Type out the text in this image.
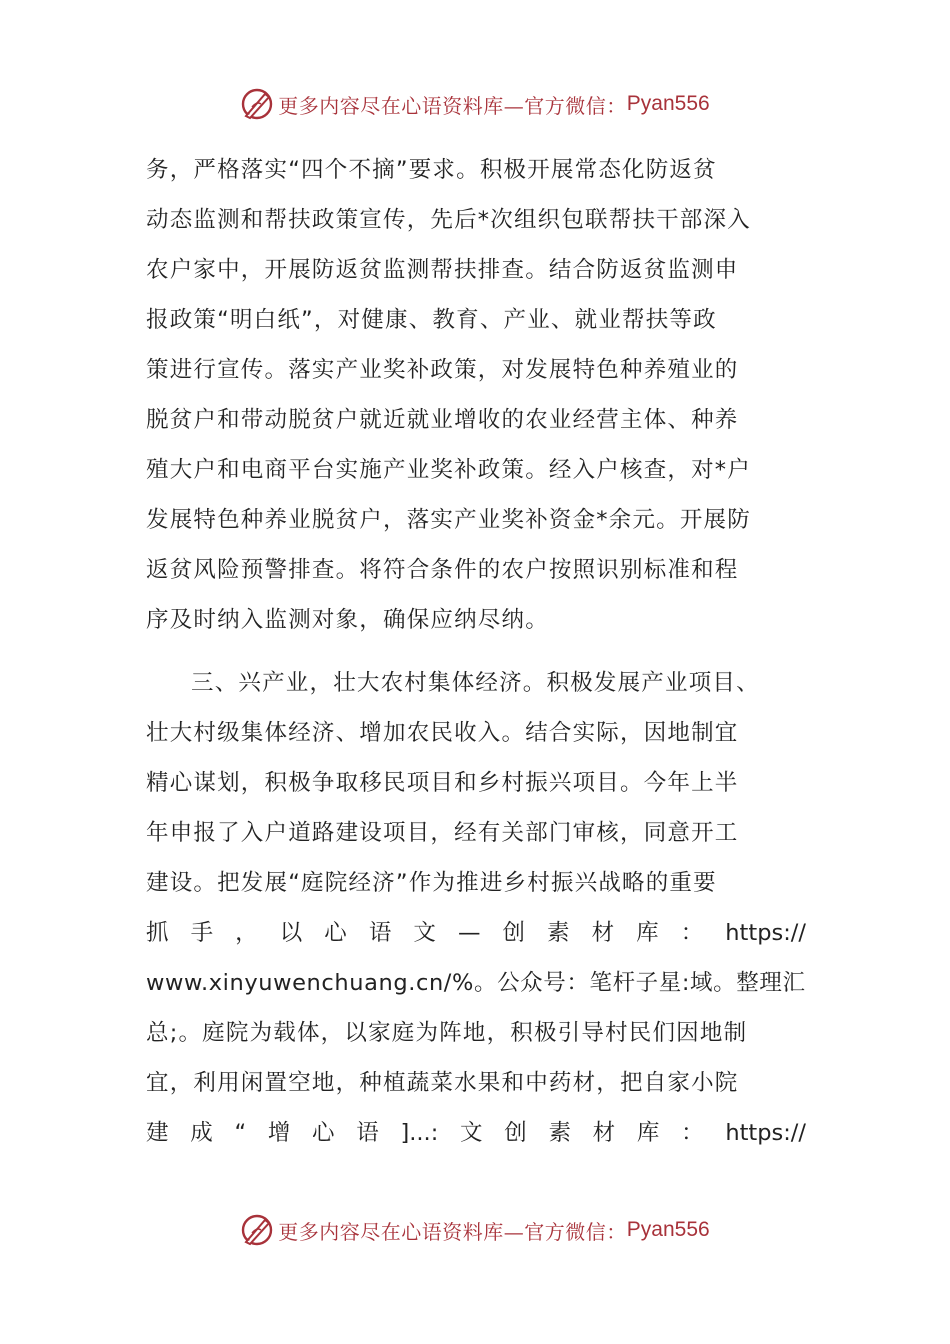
更多内容尽在心语资料库—官方微信： Pyan556
务，严格落实“四个不摘”要求。积极开展常态化防返贫
动态监测和帮扶政策宣传，先后*次组织包联帮扶干部深入
农户家中，开展防返贫监测帮扶排查。结合防返贫监测申
报政策“明白纸”，对健康、教育、产业、就业帮扶等政
策进行宣传。落实产业奖补政策，对发展特色种养殖业的
脱贫户和带动脱贫户就近就业增收的农业经营主体、种养
殖大户和电商平台实施产业奖补政策。经入户核查，对*户
发展特色种养业脱贫户，落实产业奖补资金*余元。开展防
返贫风险预警排查。将符合条件的农户按照识别标准和程
序及时纳入监测对象，确保应纳尽纳。
三、兴产业，壮大农村集体经济。积极发展产业项目、
壮大村级集体经济、增加农民收入。结合实际，因地制宜
精心谋划，积极争取移民项目和乡村振兴项目。今年上半
年申报了入户道路建设项目，经有关部门审核，同意开工
建设。把发展“庭院经济”作为推进乡村振兴战略的重要
抓 手 ， 以 心 语 文 — 创 素 材 库 ： https://
www.xinyuwenchuang.cn/%。公众号：笔杆子星:域。整理汇
总;。庭院为载体，以家庭为阵地，积极引导村民们因地制
宜，利用闲置空地，种植蔬菜水果和中药材，把自家小院
建 成 “ 增 心 语 ]...: 文 创 素 材 库 ： https://
更多内容尽在心语资料库—官方微信： Pyan556
